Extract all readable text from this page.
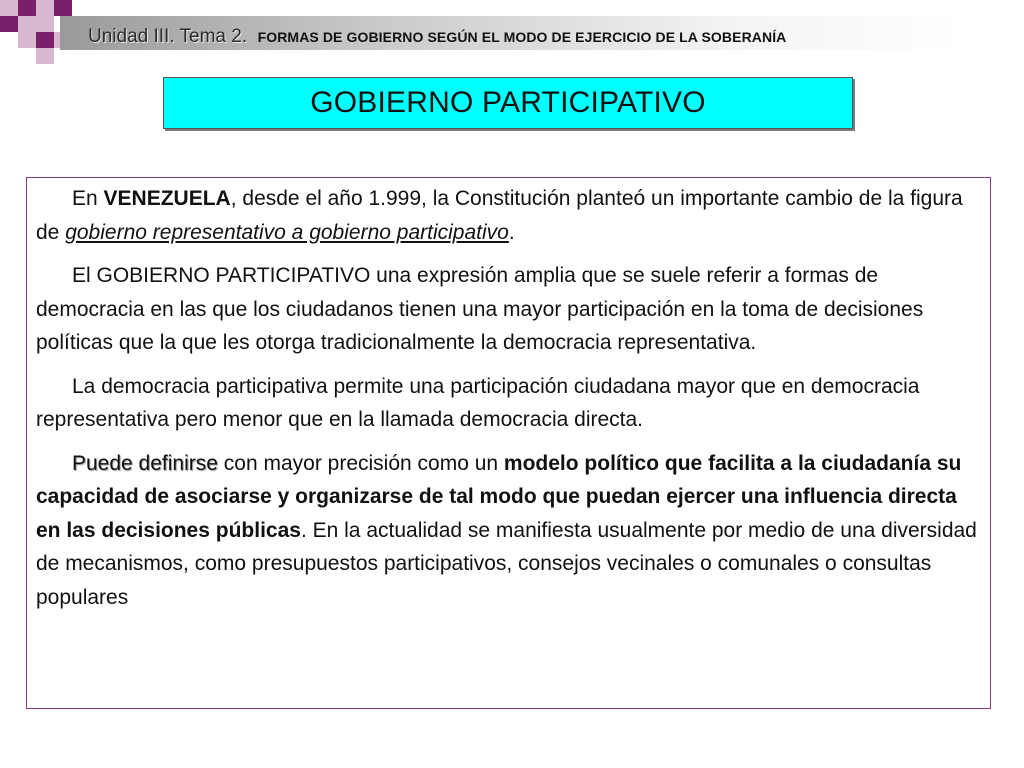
Unidad III. Tema 2. FORMAS DE GOBIERNO SEGÚN EL MODO DE EJERCICIO DE LA SOBERANÍA
GOBIERNO PARTICIPATIVO

En VENEZUELA, desde el año 1.999, la Constitución planteó un importante cambio de la figura de gobierno representativo a gobierno participativo.

El GOBIERNO PARTICIPATIVO una expresión amplia que se suele referir a formas de democracia en las que los ciudadanos tienen una mayor participación en la toma de decisiones políticas que la que les otorga tradicionalmente la democracia representativa.

La democracia participativa permite una participación ciudadana mayor que en democracia representativa pero menor que en la llamada democracia directa.

Puede definirse con mayor precisión como un modelo político que facilita a la ciudadanía su capacidad de asociarse y organizarse de tal modo que puedan ejercer una influencia directa en las decisiones públicas. En la actualidad se manifiesta usualmente por medio de una diversidad de mecanismos, como presupuestos participativos, consejos vecinales o comunales o consultas populares
